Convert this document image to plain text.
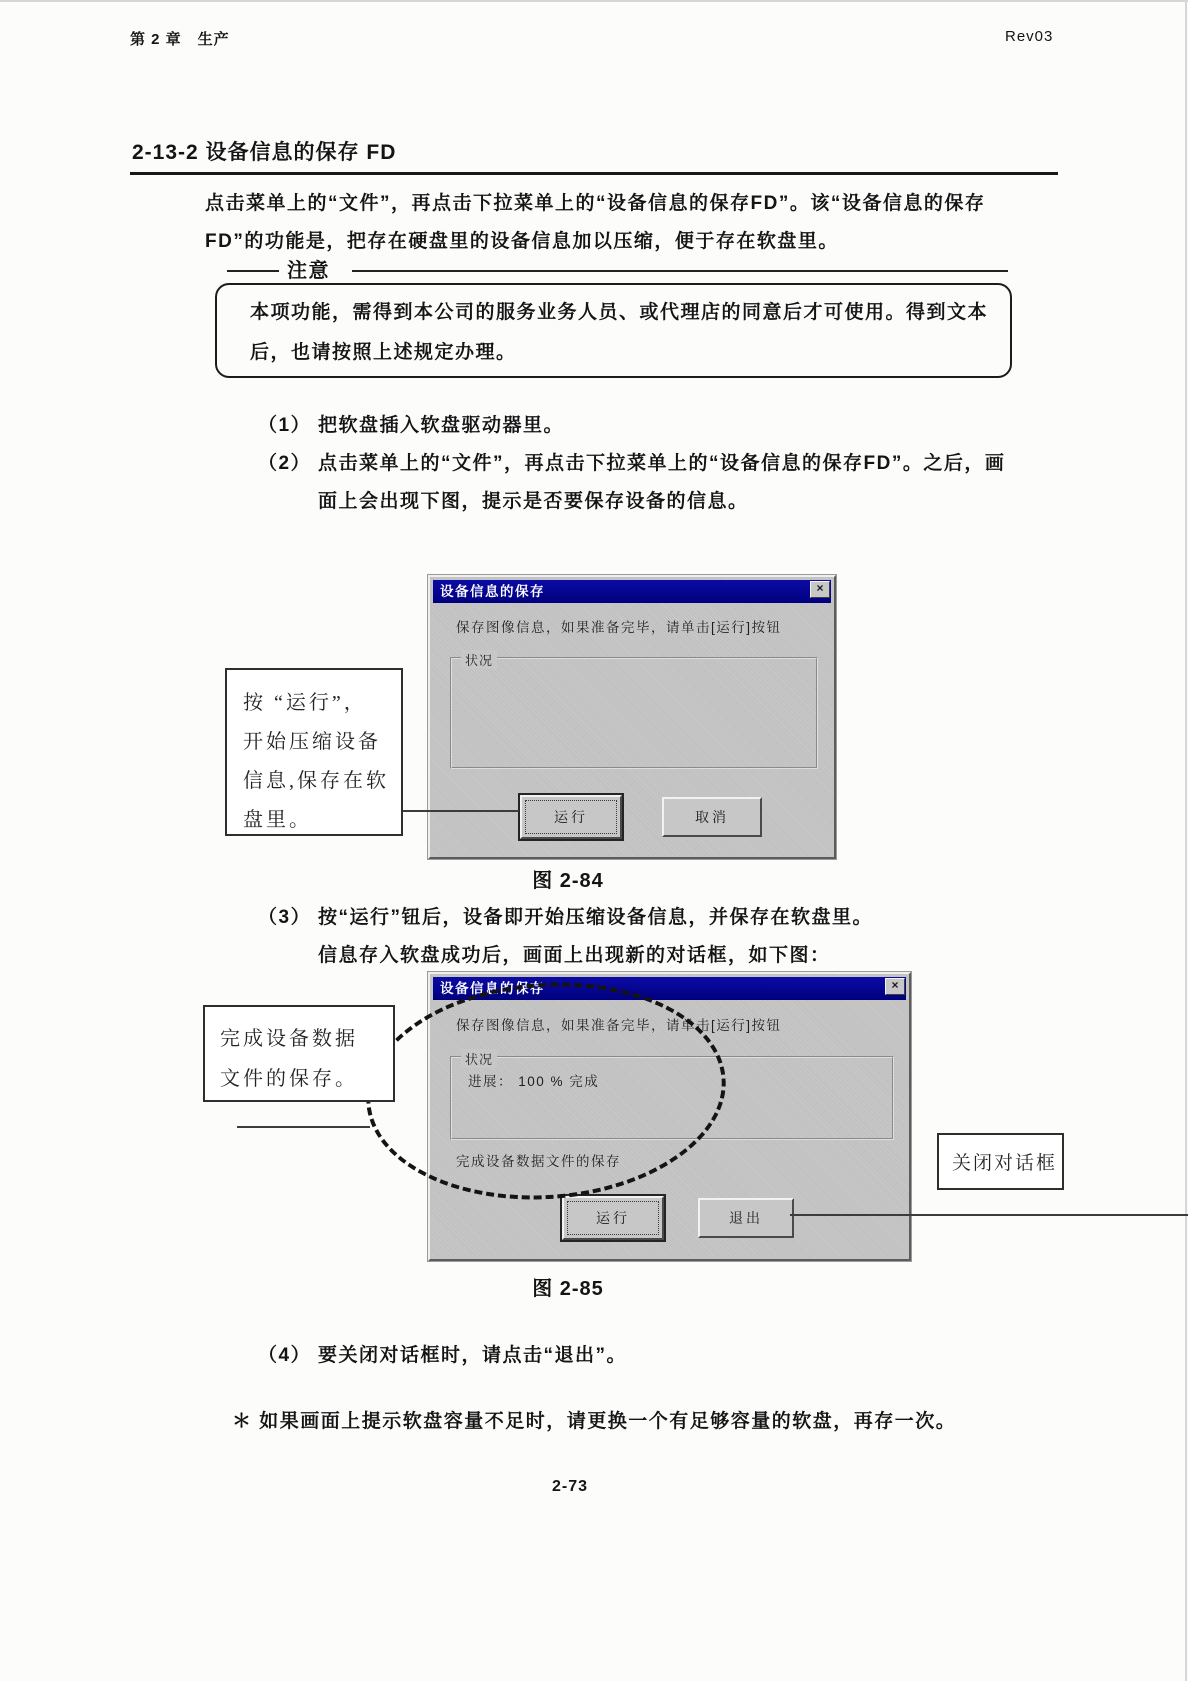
第 2 章　生产	Rev03
2-13-2 设备信息的保存 FD
点击菜单上的“文件”，再点击下拉菜单上的“设备信息的保存FD”。该“设备信息的保存
FD”的功能是，把存在硬盘里的设备信息加以压缩，便于存在软盘里。
注意
本项功能，需得到本公司的服务业务人员、或代理店的同意后才可使用。得到文本
后，也请按照上述规定办理。
（1） 把软盘插入软盘驱动器里。
（2） 点击菜单上的“文件”，再点击下拉菜单上的“设备信息的保存FD”。之后，画
面上会出现下图，提示是否要保存设备的信息。
设备信息的保存	×
保存图像信息，如果准备完毕，请单击[运行]按钮
状况
运行	取消
按 “运行”，
开始压缩设备
信息,保存在软
盘里。
图 2-84
（3） 按“运行”钮后，设备即开始压缩设备信息，并保存在软盘里。
信息存入软盘成功后，画面上出现新的对话框，如下图：
设备信息的保存	×
保存图像信息，如果准备完毕，请单击[运行]按钮
状况
进展： 100 % 完成
完成设备数据文件的保存
运行	退出
完成设备数据
文件的保存。
关闭对话框
图 2-85
（4） 要关闭对话框时，请点击“退出”。
＊ 如果画面上提示软盘容量不足时，请更换一个有足够容量的软盘，再存一次。
2-73
